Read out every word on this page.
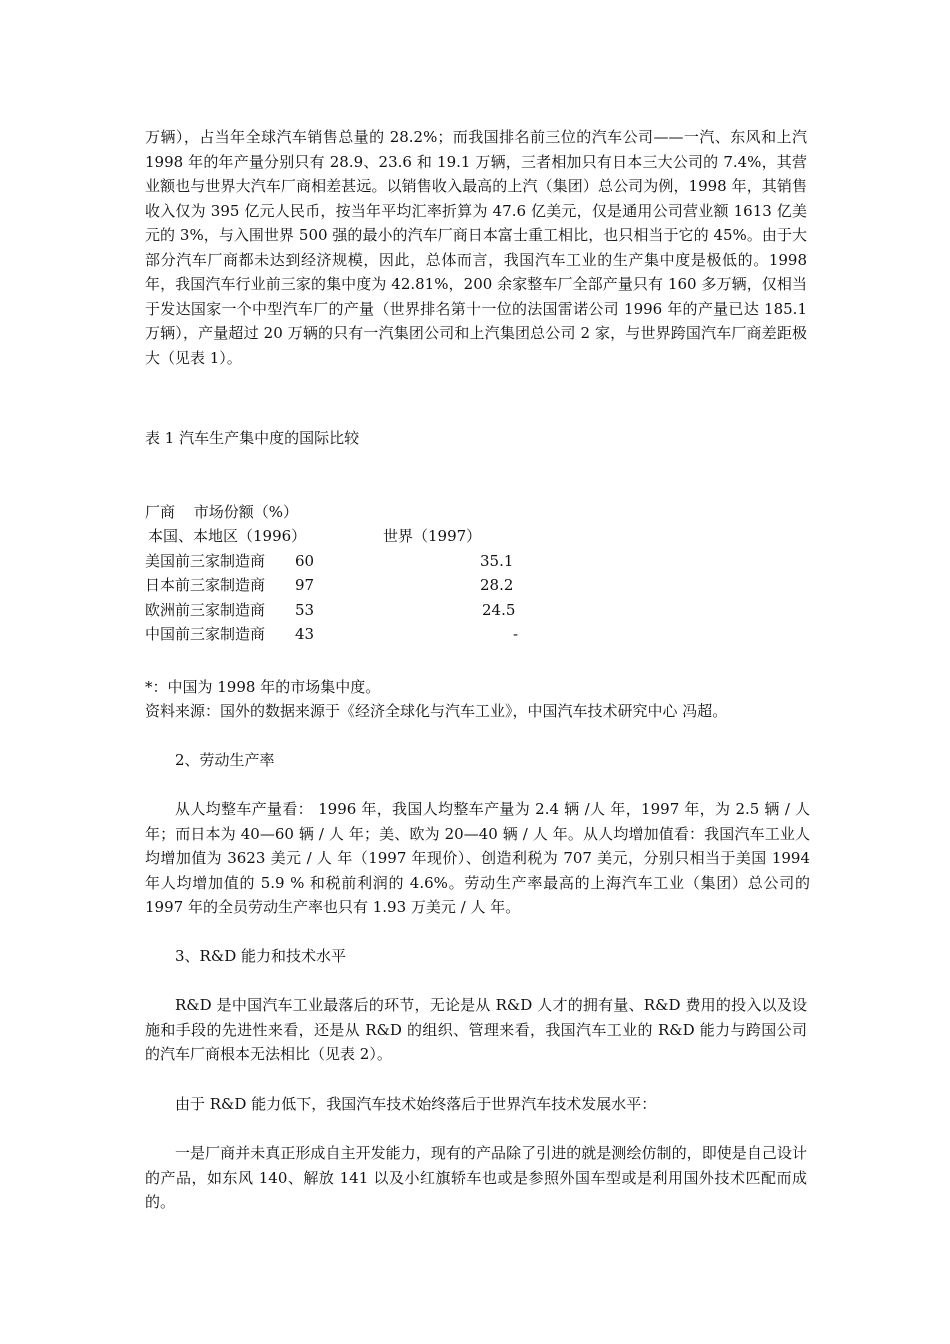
万辆），占当年全球汽车销售总量的 28.2%；而我国排名前三位的汽车公司——一汽、东风和上汽 1998 年的年产量分别只有 28.9、23.6 和 19.1 万辆，三者相加只有日本三大公司的 7.4%，其营业额也与世界大汽车厂商相差甚远。以销售收入最高的上汽（集团）总公司为例，1998 年，其销售收入仅为 395 亿元人民币，按当年平均汇率折算为 47.6 亿美元，仅是通用公司营业额 1613 亿美元的 3%，与入围世界 500 强的最小的汽车厂商日本富士重工相比，也只相当于它的 45%。由于大部分汽车厂商都未达到经济规模，因此，总体而言，我国汽车工业的生产集中度是极低的。1998 年，我国汽车行业前三家的集中度为 42.81%，200 余家整车厂全部产量只有 160 多万辆，仅相当于发达国家一个中型汽车厂的产量（世界排名第十一位的法国雷诺公司 1996 年的产量已达 185.1 万辆），产量超过 20 万辆的只有一汽集团公司和上汽集团总公司 2 家，与世界跨国汽车厂商差距极大（见表 1）。
表 1 汽车生产集中度的国际比较
厂商 市场份额（%）
本国、本地区（1996）	世界（1997）
美国前三家制造商 60	35.1
日本前三家制造商 97	28.2
欧洲前三家制造商 53	24.5
中国前三家制造商 43	-
*：中国为 1998 年的市场集中度。
资料来源：国外的数据来源于《经济全球化与汽车工业》，中国汽车技术研究中心 冯超。
2、劳动生产率
从人均整车产量看： 1996 年，我国人均整车产量为 2.4 辆 /人 年，1997 年，为 2.5 辆 / 人 年；而日本为 40—60 辆 / 人 年；美、欧为 20—40 辆 / 人 年。从人均增加值看：我国汽车工业人均增加值为 3623 美元 / 人 年（1997 年现价）、创造利税为 707 美元，分别只相当于美国 1994 年人均增加值的 5.9 % 和税前利润的 4.6%。劳动生产率最高的上海汽车工业（集团）总公司的 1997 年的全员劳动生产率也只有 1.93 万美元 / 人 年。
3、R&D 能力和技术水平
R&D 是中国汽车工业最落后的环节，无论是从 R&D 人才的拥有量、R&D 费用的投入以及设施和手段的先进性来看，还是从 R&D 的组织、管理来看，我国汽车工业的 R&D 能力与跨国公司的汽车厂商根本无法相比（见表 2）。
由于 R&D 能力低下，我国汽车技术始终落后于世界汽车技术发展水平：
一是厂商并未真正形成自主开发能力，现有的产品除了引进的就是测绘仿制的，即使是自己设计的产品，如东风 140、解放 141 以及小红旗轿车也或是参照外国车型或是利用国外技术匹配而成的。
